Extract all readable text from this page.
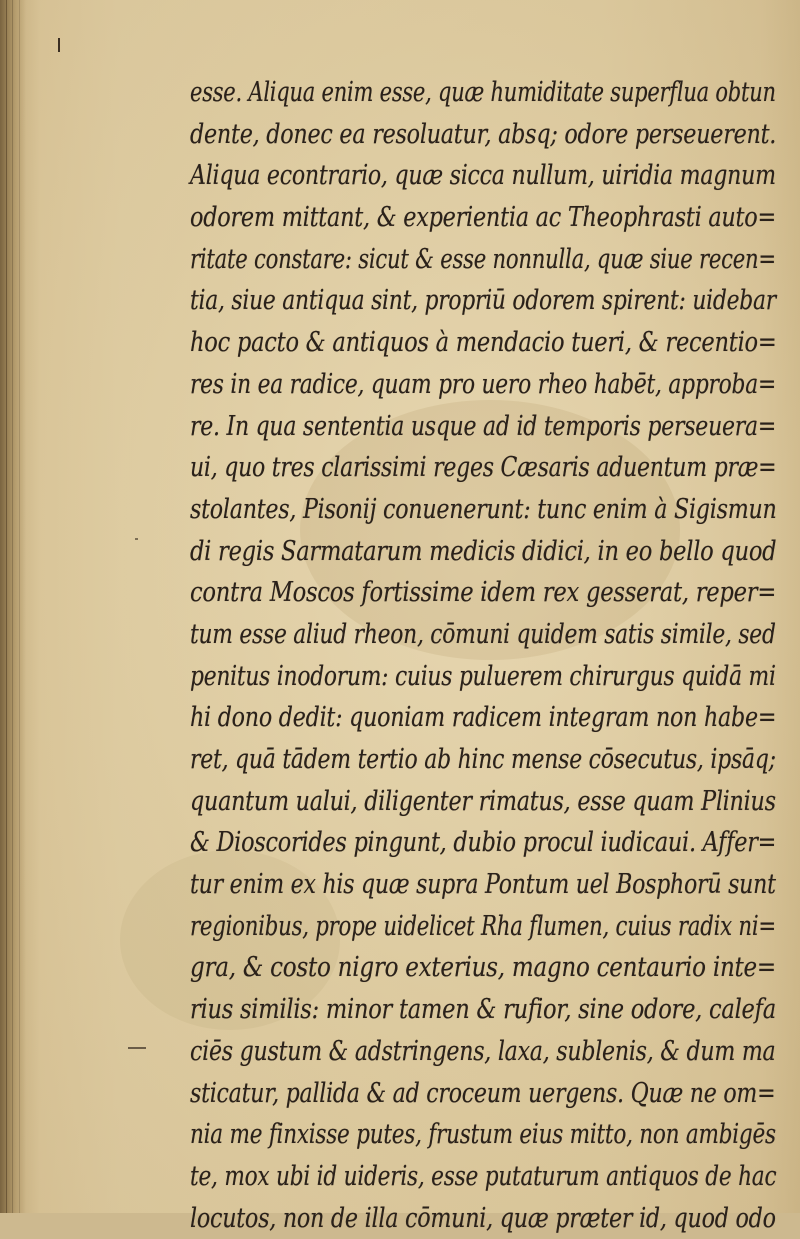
esse. Aliqua enim esse, quæ humiditate superflua obtun
dente, donec ea resoluatur, absq; odore perseuerent.
Aliqua econtrario, quæ sicca nullum, uiridia magnum
odorem mittant, & experientia ac Theophrasti auto=
ritate constare: sicut & esse nonnulla, quæ siue recen=
tia, siue antiqua sint, propriū odorem spirent: uidebar
hoc pacto & antiquos à mendacio tueri, & recentio=
res in ea radice, quam pro uero rheo habēt, approba=
re. In qua sententia usque ad id temporis perseuera=
ui, quo tres clarissimi reges Cæsaris aduentum præ=
stolantes, Pisonij conuenerunt: tunc enim à Sigismun
di regis Sarmatarum medicis didici, in eo bello quod
contra Moscos fortissime idem rex gesserat, reper=
tum esse aliud rheon, cōmuni quidem satis simile, sed
penitus inodorum: cuius puluerem chirurgus quidā mi
hi dono dedit: quoniam radicem integram non habe=
ret, quā tādem tertio ab hinc mense cōsecutus, ipsāq;
quantum ualui, diligenter rimatus, esse quam Plinius
& Dioscorides pingunt, dubio procul iudicaui. Affer=
tur enim ex his quæ supra Pontum uel Bosphorū sunt
regionibus, prope uidelicet Rha flumen, cuius radix ni=
gra, & costo nigro exterius, magno centaurio inte=
rius similis: minor tamen & rufior, sine odore, calefa
ciēs gustum & adstringens, laxa, sublenis, & dum ma
sticatur, pallida & ad croceum uergens. Quæ ne om=
nia me finxisse putes, frustum eius mitto, non ambigēs
te, mox ubi id uideris, esse putaturum antiquos de hac
locutos, non de illa cōmuni, quæ præter id, quod odo
